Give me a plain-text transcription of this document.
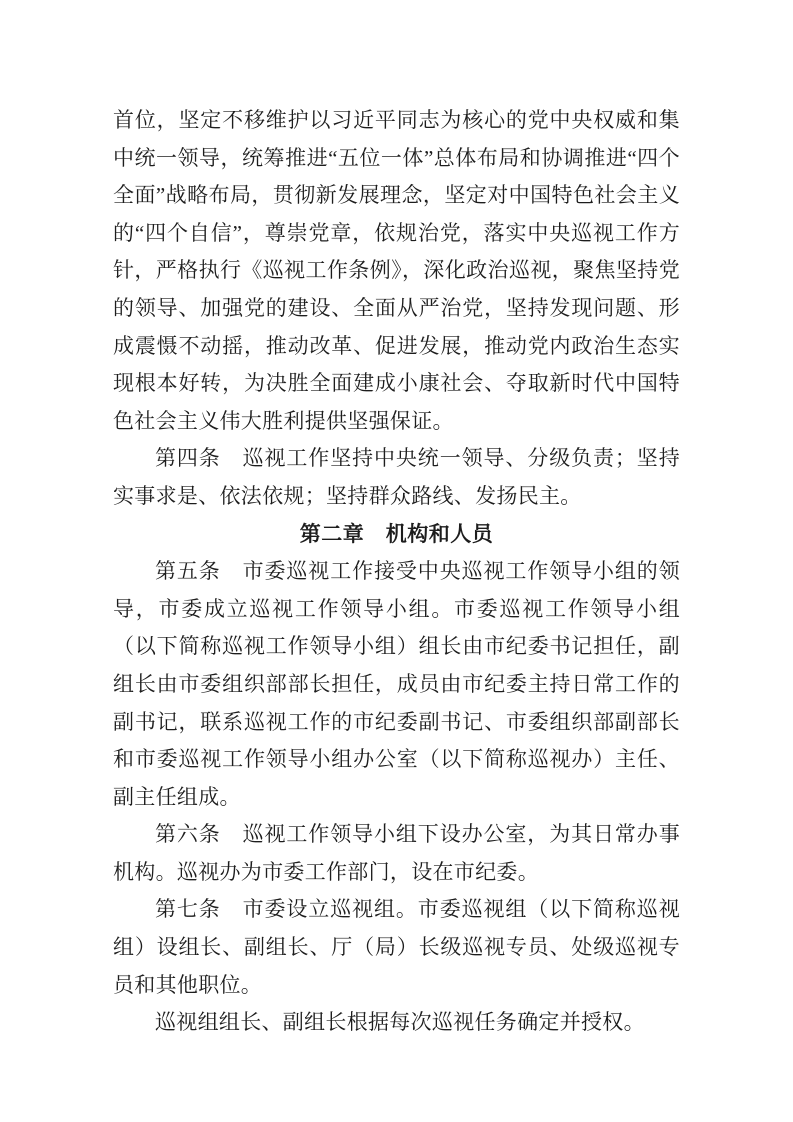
首位，坚定不移维护以习近平同志为核心的党中央权威和集中统一领导，统筹推进“五位一体”总体布局和协调推进“四个全面”战略布局，贯彻新发展理念，坚定对中国特色社会主义的“四个自信”，尊崇党章，依规治党，落实中央巡视工作方针，严格执行《巡视工作条例》，深化政治巡视，聚焦坚持党的领导、加强党的建设、全面从严治党，坚持发现问题、形成震慑不动摇，推动改革、促进发展，推动党内政治生态实现根本好转，为决胜全面建成小康社会、夺取新时代中国特色社会主义伟大胜利提供坚强保证。

第四条　巡视工作坚持中央统一领导、分级负责；坚持实事求是、依法依规；坚持群众路线、发扬民主。

第二章　机构和人员

第五条　市委巡视工作接受中央巡视工作领导小组的领导，市委成立巡视工作领导小组。市委巡视工作领导小组（以下简称巡视工作领导小组）组长由市纪委书记担任，副组长由市委组织部部长担任，成员由市纪委主持日常工作的副书记，联系巡视工作的市纪委副书记、市委组织部副部长和市委巡视工作领导小组办公室（以下简称巡视办）主任、副主任组成。

第六条　巡视工作领导小组下设办公室，为其日常办事机构。巡视办为市委工作部门，设在市纪委。

第七条　市委设立巡视组。市委巡视组（以下简称巡视组）设组长、副组长、厅（局）长级巡视专员、处级巡视专员和其他职位。

巡视组组长、副组长根据每次巡视任务确定并授权。
